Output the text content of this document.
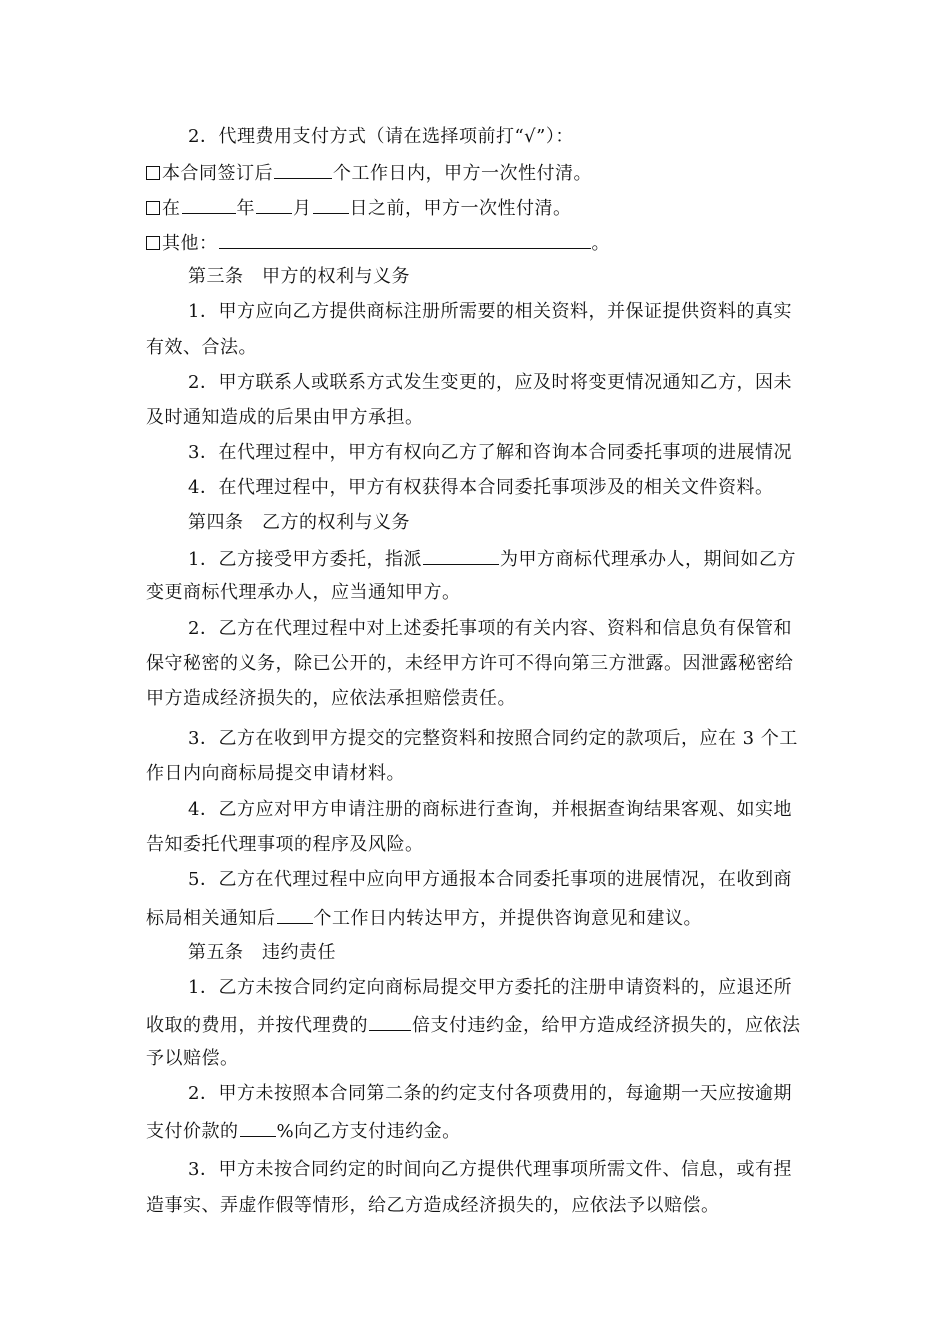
2．代理费用支付方式（请在选择项前打“√”）：
本合同签订后	个工作日内，甲方一次性付清。
在	年 月 日之前，甲方一次性付清。
其他：	。
第三条　甲方的权利与义务
1．甲方应向乙方提供商标注册所需要的相关资料，并保证提供资料的真实
有效、合法。
2．甲方联系人或联系方式发生变更的，应及时将变更情况通知乙方，因未
及时通知造成的后果由甲方承担。
3．在代理过程中，甲方有权向乙方了解和咨询本合同委托事项的进展情况
4．在代理过程中，甲方有权获得本合同委托事项涉及的相关文件资料。
第四条　乙方的权利与义务
1．乙方接受甲方委托，指派	为甲方商标代理承办人，期间如乙方
变更商标代理承办人，应当通知甲方。
2．乙方在代理过程中对上述委托事项的有关内容、资料和信息负有保管和
保守秘密的义务，除已公开的，未经甲方许可不得向第三方泄露。因泄露秘密给
甲方造成经济损失的，应依法承担赔偿责任。
3．乙方在收到甲方提交的完整资料和按照合同约定的款项后，应在 3 个工
作日内向商标局提交申请材料。
4．乙方应对甲方申请注册的商标进行查询，并根据查询结果客观、如实地
告知委托代理事项的程序及风险。
5．乙方在代理过程中应向甲方通报本合同委托事项的进展情况，在收到商
标局相关通知后 个工作日内转达甲方，并提供咨询意见和建议。
第五条　违约责任
1．乙方未按合同约定向商标局提交甲方委托的注册申请资料的，应退还所
收取的费用，并按代理费的 倍支付违约金，给甲方造成经济损失的，应依法
予以赔偿。
2．甲方未按照本合同第二条的约定支付各项费用的，每逾期一天应按逾期
支付价款的 %向乙方支付违约金。
3．甲方未按合同约定的时间向乙方提供代理事项所需文件、信息，或有捏
造事实、弄虚作假等情形，给乙方造成经济损失的，应依法予以赔偿。
